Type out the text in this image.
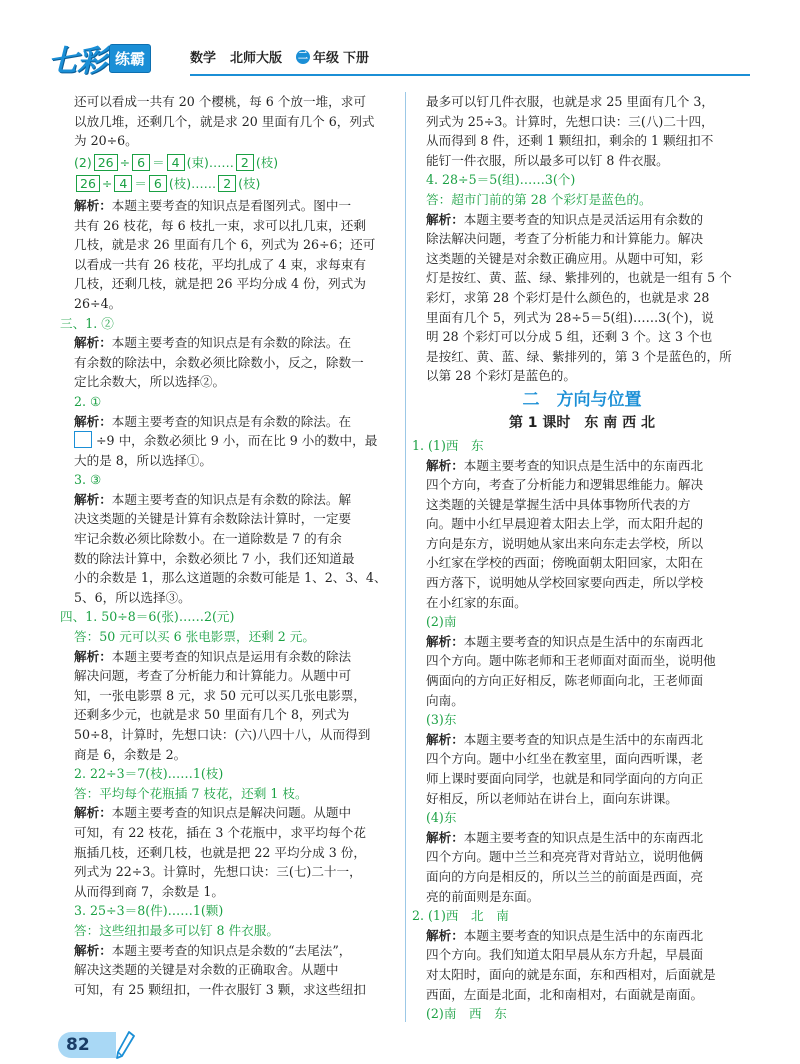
七彩 练霸	数学 北师大版 二 年级 下册

还可以看成一共有 20 个樱桃，每 6 个放一堆，求可

以放几堆，还剩几个，就是求 20 里面有几个 6，列式

为 20÷6。

(2) 26 ÷ 6 ＝ 4 (束)…… 2 (枝)
26 ÷ 4 ＝ 6 (枝)…… 2 (枝)

解析：本题主要考查的知识点是看图列式。图中一

共有 26 枝花，每 6 枝扎一束，求可以扎几束，还剩

几枝，就是求 26 里面有几个 6，列式为 26÷6；还可

以看成一共有 26 枝花，平均扎成了 4 束，求每束有

几枝，还剩几枝，就是把 26 平均分成 4 份，列式为

26÷4。

三、1. ②

解析：本题主要考查的知识点是有余数的除法。在

有余数的除法中，余数必须比除数小，反之，除数一

定比余数大，所以选择②。

2. ①

解析：本题主要考查的知识点是有余数的除法。在

÷9 中，余数必须比 9 小，而在比 9 小的数中，最

大的是 8，所以选择①。

3. ③

解析：本题主要考查的知识点是有余数的除法。解

决这类题的关键是计算有余数除法计算时，一定要

牢记余数必须比除数小。在一道除数是 7 的有余

数的除法计算中，余数必须比 7 小，我们还知道最

小的余数是 1，那么这道题的余数可能是 1、2、3、4、

5、6，所以选择③。

四、1. 50÷8＝6(张)……2(元)

答：50 元可以买 6 张电影票，还剩 2 元。

解析：本题主要考查的知识点是运用有余数的除法

解决问题，考查了分析能力和计算能力。从题中可

知，一张电影票 8 元，求 50 元可以买几张电影票，

还剩多少元，也就是求 50 里面有几个 8，列式为

50÷8，计算时，先想口诀：(六)八四十八，从而得到

商是 6，余数是 2。

2. 22÷3＝7(枝)……1(枝)

答：平均每个花瓶插 7 枝花，还剩 1 枝。

解析：本题主要考查的知识点是解决问题。从题中

可知，有 22 枝花，插在 3 个花瓶中，求平均每个花

瓶插几枝，还剩几枝，也就是把 22 平均分成 3 份，

列式为 22÷3。计算时，先想口诀：三(七)二十一，

从而得到商 7，余数是 1。

3. 25÷3＝8(件)……1(颗)

答：这些纽扣最多可以钉 8 件衣服。

解析：本题主要考查的知识点是余数的“去尾法”，

解决这类题的关键是对余数的正确取舍。从题中

可知，有 25 颗纽扣，一件衣服钉 3 颗，求这些纽扣

最多可以钉几件衣服，也就是求 25 里面有几个 3，

列式为 25÷3。计算时，先想口诀：三(八)二十四，

从而得到 8 件，还剩 1 颗纽扣，剩余的 1 颗纽扣不

能钉一件衣服，所以最多可以钉 8 件衣服。

4. 28÷5＝5(组)……3(个)

答：超市门前的第 28 个彩灯是蓝色的。

解析：本题主要考查的知识点是灵活运用有余数的

除法解决问题，考查了分析能力和计算能力。解决

这类题的关键是对余数正确应用。从题中可知，彩

灯是按红、黄、蓝、绿、紫排列的，也就是一组有 5 个

彩灯，求第 28 个彩灯是什么颜色的，也就是求 28

里面有几个 5，列式为 28÷5＝5(组)……3(个)，说

明 28 个彩灯可以分成 5 组，还剩 3 个。这 3 个也

是按红、黄、蓝、绿、紫排列的，第 3 个是蓝色的，所

以第 28 个彩灯是蓝色的。

二　方向与位置
第 1 课时　东 南 西 北

1. (1)西　东

解析：本题主要考查的知识点是生活中的东南西北

四个方向，考查了分析能力和逻辑思维能力。解决

这类题的关键是掌握生活中具体事物所代表的方

向。题中小红早晨迎着太阳去上学，而太阳升起的

方向是东方，说明她从家出来向东走去学校，所以

小红家在学校的西面；傍晚面朝太阳回家，太阳在

西方落下，说明她从学校回家要向西走，所以学校

在小红家的东面。

(2)南

解析：本题主要考查的知识点是生活中的东南西北

四个方向。题中陈老师和王老师面对面而坐，说明他

俩面向的方向正好相反，陈老师面向北，王老师面

向南。

(3)东

解析：本题主要考查的知识点是生活中的东南西北

四个方向。题中小红坐在教室里，面向西听课，老

师上课时要面向同学，也就是和同学面向的方向正

好相反，所以老师站在讲台上，面向东讲课。

(4)东

解析：本题主要考查的知识点是生活中的东南西北

四个方向。题中兰兰和亮亮背对背站立，说明他俩

面向的方向是相反的，所以兰兰的前面是西面，亮

亮的前面则是东面。

2. (1)西　北　南

解析：本题主要考查的知识点是生活中的东南西北

四个方向。我们知道太阳早晨从东方升起，早晨面

对太阳时，面向的就是东面，东和西相对，后面就是

西面，左面是北面，北和南相对，右面就是南面。

(2)南　西　东

82
